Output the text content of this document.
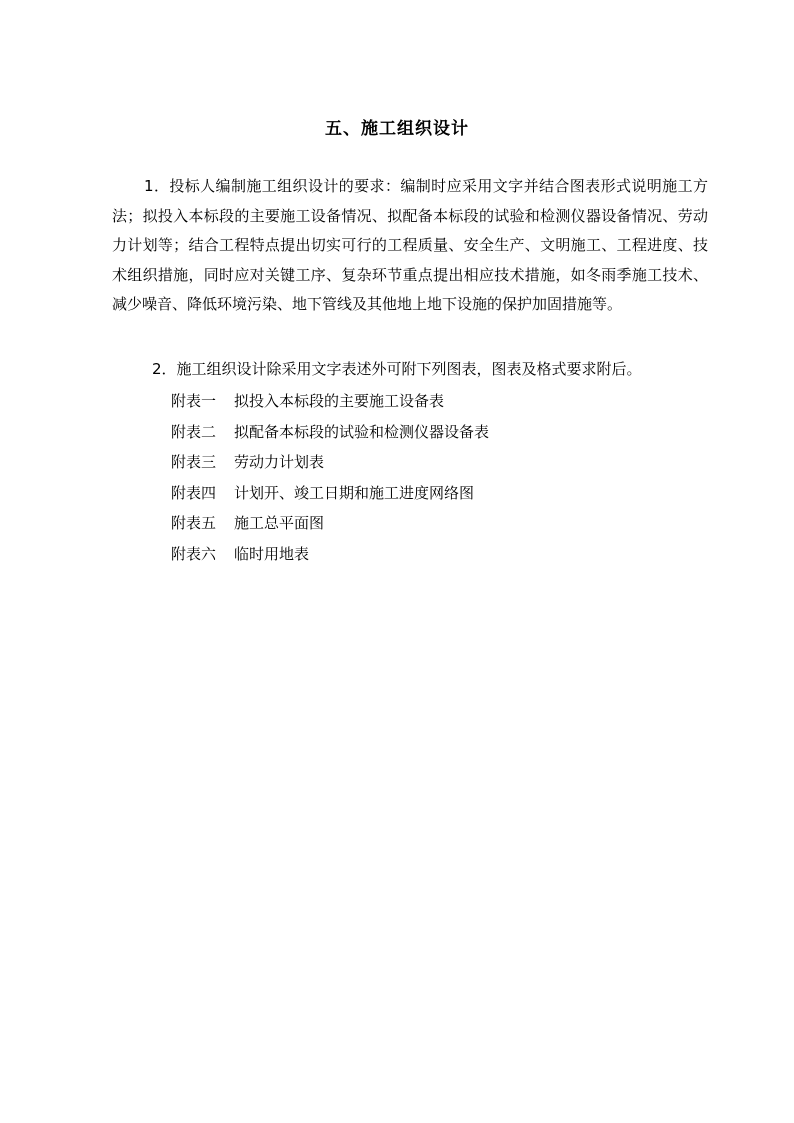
五、施工组织设计
1．投标人编制施工组织设计的要求：编制时应采用文字并结合图表形式说明施工方法；拟投入本标段的主要施工设备情况、拟配备本标段的试验和检测仪器设备情况、劳动力计划等；结合工程特点提出切实可行的工程质量、安全生产、文明施工、工程进度、技术组织措施，同时应对关键工序、复杂环节重点提出相应技术措施，如冬雨季施工技术、减少噪音、降低环境污染、地下管线及其他地上地下设施的保护加固措施等。
2．施工组织设计除采用文字表述外可附下列图表，图表及格式要求附后。
附表一 拟投入本标段的主要施工设备表
附表二 拟配备本标段的试验和检测仪器设备表
附表三 劳动力计划表
附表四 计划开、竣工日期和施工进度网络图
附表五 施工总平面图
附表六 临时用地表
